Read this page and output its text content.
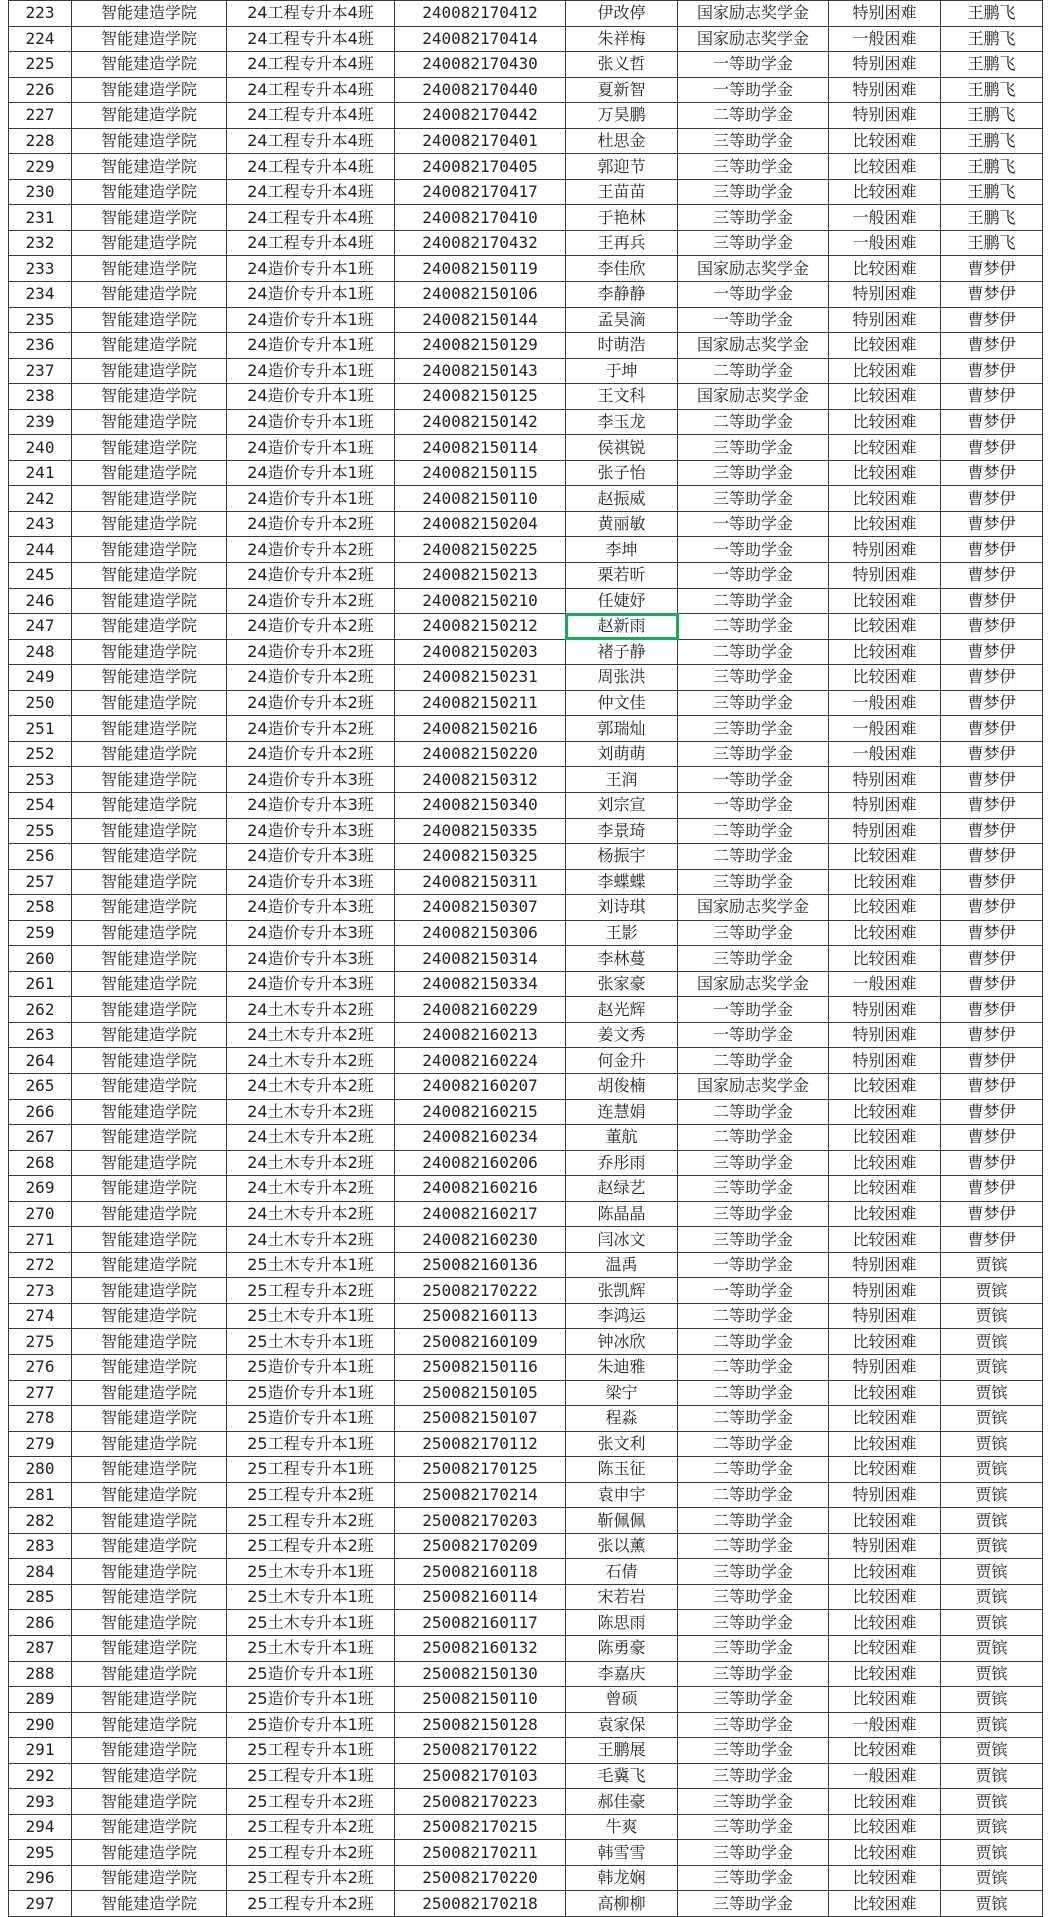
223	智能建造学院	24工程专升本4班	240082170412	伊改停	国家励志奖学金	特别困难	王鹏飞
224	智能建造学院	24工程专升本4班	240082170414	朱祥梅	国家励志奖学金	一般困难	王鹏飞
225	智能建造学院	24工程专升本4班	240082170430	张义哲	一等助学金	特别困难	王鹏飞
226	智能建造学院	24工程专升本4班	240082170440	夏新智	一等助学金	特别困难	王鹏飞
227	智能建造学院	24工程专升本4班	240082170442	万昊鹏	二等助学金	特别困难	王鹏飞
228	智能建造学院	24工程专升本4班	240082170401	杜思金	三等助学金	比较困难	王鹏飞
229	智能建造学院	24工程专升本4班	240082170405	郭迎节	三等助学金	比较困难	王鹏飞
230	智能建造学院	24工程专升本4班	240082170417	王苗苗	三等助学金	比较困难	王鹏飞
231	智能建造学院	24工程专升本4班	240082170410	于艳林	三等助学金	一般困难	王鹏飞
232	智能建造学院	24工程专升本4班	240082170432	王再兵	三等助学金	一般困难	王鹏飞
233	智能建造学院	24造价专升本1班	240082150119	李佳欣	国家励志奖学金	比较困难	曹梦伊
234	智能建造学院	24造价专升本1班	240082150106	李静静	一等助学金	特别困难	曹梦伊
235	智能建造学院	24造价专升本1班	240082150144	孟昊滴	一等助学金	特别困难	曹梦伊
236	智能建造学院	24造价专升本1班	240082150129	时萌浩	国家励志奖学金	比较困难	曹梦伊
237	智能建造学院	24造价专升本1班	240082150143	于坤	二等助学金	比较困难	曹梦伊
238	智能建造学院	24造价专升本1班	240082150125	王文科	国家励志奖学金	比较困难	曹梦伊
239	智能建造学院	24造价专升本1班	240082150142	李玉龙	二等助学金	比较困难	曹梦伊
240	智能建造学院	24造价专升本1班	240082150114	侯祺锐	三等助学金	比较困难	曹梦伊
241	智能建造学院	24造价专升本1班	240082150115	张子怡	三等助学金	比较困难	曹梦伊
242	智能建造学院	24造价专升本1班	240082150110	赵振威	三等助学金	比较困难	曹梦伊
243	智能建造学院	24造价专升本2班	240082150204	黄丽敏	一等助学金	比较困难	曹梦伊
244	智能建造学院	24造价专升本2班	240082150225	李坤	一等助学金	特别困难	曹梦伊
245	智能建造学院	24造价专升本2班	240082150213	栗若昕	一等助学金	特别困难	曹梦伊
246	智能建造学院	24造价专升本2班	240082150210	任婕妤	二等助学金	比较困难	曹梦伊
247	智能建造学院	24造价专升本2班	240082150212	赵新雨	二等助学金	比较困难	曹梦伊
248	智能建造学院	24造价专升本2班	240082150203	褚子静	二等助学金	比较困难	曹梦伊
249	智能建造学院	24造价专升本2班	240082150231	周张洪	三等助学金	比较困难	曹梦伊
250	智能建造学院	24造价专升本2班	240082150211	仲文佳	三等助学金	一般困难	曹梦伊
251	智能建造学院	24造价专升本2班	240082150216	郭瑞灿	三等助学金	一般困难	曹梦伊
252	智能建造学院	24造价专升本2班	240082150220	刘萌萌	三等助学金	一般困难	曹梦伊
253	智能建造学院	24造价专升本3班	240082150312	王润	一等助学金	特别困难	曹梦伊
254	智能建造学院	24造价专升本3班	240082150340	刘宗宣	一等助学金	特别困难	曹梦伊
255	智能建造学院	24造价专升本3班	240082150335	李景琦	二等助学金	特别困难	曹梦伊
256	智能建造学院	24造价专升本3班	240082150325	杨振宇	二等助学金	比较困难	曹梦伊
257	智能建造学院	24造价专升本3班	240082150311	李蝶蝶	三等助学金	比较困难	曹梦伊
258	智能建造学院	24造价专升本3班	240082150307	刘诗琪	国家励志奖学金	比较困难	曹梦伊
259	智能建造学院	24造价专升本3班	240082150306	王影	三等助学金	比较困难	曹梦伊
260	智能建造学院	24造价专升本3班	240082150314	李林蔓	三等助学金	比较困难	曹梦伊
261	智能建造学院	24造价专升本3班	240082150334	张家豪	国家励志奖学金	一般困难	曹梦伊
262	智能建造学院	24土木专升本2班	240082160229	赵光辉	一等助学金	特别困难	曹梦伊
263	智能建造学院	24土木专升本2班	240082160213	姜文秀	一等助学金	特别困难	曹梦伊
264	智能建造学院	24土木专升本2班	240082160224	何金升	二等助学金	特别困难	曹梦伊
265	智能建造学院	24土木专升本2班	240082160207	胡俊楠	国家励志奖学金	比较困难	曹梦伊
266	智能建造学院	24土木专升本2班	240082160215	连慧娟	二等助学金	比较困难	曹梦伊
267	智能建造学院	24土木专升本2班	240082160234	董航	二等助学金	比较困难	曹梦伊
268	智能建造学院	24土木专升本2班	240082160206	乔彤雨	三等助学金	比较困难	曹梦伊
269	智能建造学院	24土木专升本2班	240082160216	赵绿艺	三等助学金	比较困难	曹梦伊
270	智能建造学院	24土木专升本2班	240082160217	陈晶晶	三等助学金	比较困难	曹梦伊
271	智能建造学院	24土木专升本2班	240082160230	闫冰文	三等助学金	比较困难	曹梦伊
272	智能建造学院	25土木专升本1班	250082160136	温禹	一等助学金	特别困难	贾镔
273	智能建造学院	25工程专升本2班	250082170222	张凯辉	一等助学金	特别困难	贾镔
274	智能建造学院	25土木专升本1班	250082160113	李鸿运	二等助学金	特别困难	贾镔
275	智能建造学院	25土木专升本1班	250082160109	钟冰欣	二等助学金	比较困难	贾镔
276	智能建造学院	25造价专升本1班	250082150116	朱迪雅	二等助学金	特别困难	贾镔
277	智能建造学院	25造价专升本1班	250082150105	梁宁	二等助学金	比较困难	贾镔
278	智能建造学院	25造价专升本1班	250082150107	程淼	二等助学金	比较困难	贾镔
279	智能建造学院	25工程专升本1班	250082170112	张文利	二等助学金	比较困难	贾镔
280	智能建造学院	25工程专升本1班	250082170125	陈玉征	二等助学金	比较困难	贾镔
281	智能建造学院	25工程专升本2班	250082170214	袁申宇	二等助学金	特别困难	贾镔
282	智能建造学院	25工程专升本2班	250082170203	靳佩佩	二等助学金	比较困难	贾镔
283	智能建造学院	25工程专升本2班	250082170209	张以薰	二等助学金	特别困难	贾镔
284	智能建造学院	25土木专升本1班	250082160118	石倩	三等助学金	比较困难	贾镔
285	智能建造学院	25土木专升本1班	250082160114	宋若岩	三等助学金	比较困难	贾镔
286	智能建造学院	25土木专升本1班	250082160117	陈思雨	三等助学金	比较困难	贾镔
287	智能建造学院	25土木专升本1班	250082160132	陈勇豪	三等助学金	比较困难	贾镔
288	智能建造学院	25造价专升本1班	250082150130	李嘉庆	三等助学金	比较困难	贾镔
289	智能建造学院	25造价专升本1班	250082150110	曾硕	三等助学金	比较困难	贾镔
290	智能建造学院	25造价专升本1班	250082150128	袁家保	三等助学金	一般困难	贾镔
291	智能建造学院	25工程专升本1班	250082170122	王鹏展	三等助学金	比较困难	贾镔
292	智能建造学院	25工程专升本1班	250082170103	毛冀飞	三等助学金	一般困难	贾镔
293	智能建造学院	25工程专升本2班	250082170223	郝佳豪	三等助学金	比较困难	贾镔
294	智能建造学院	25工程专升本2班	250082170215	牛爽	三等助学金	比较困难	贾镔
295	智能建造学院	25工程专升本2班	250082170211	韩雪雪	三等助学金	比较困难	贾镔
296	智能建造学院	25工程专升本2班	250082170220	韩龙娴	三等助学金	比较困难	贾镔
297	智能建造学院	25工程专升本2班	250082170218	高柳柳	三等助学金	比较困难	贾镔
